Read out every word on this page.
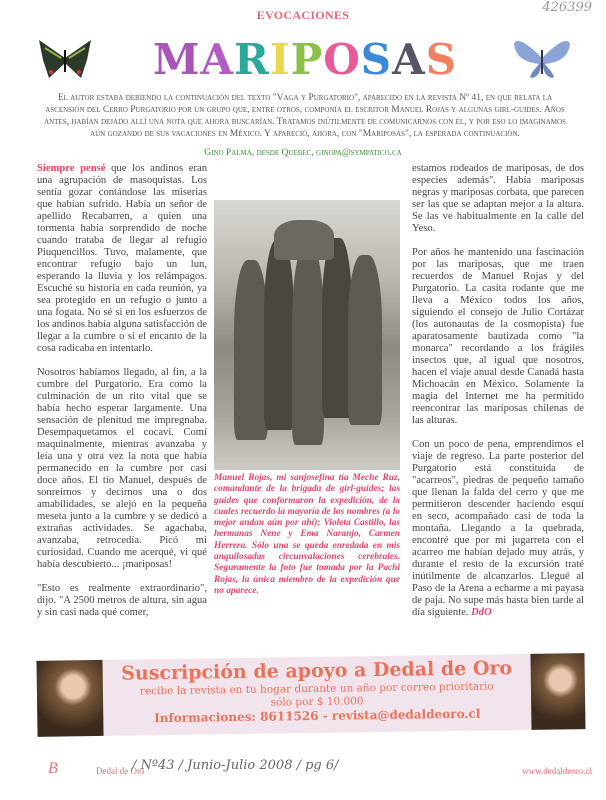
426399
EVOCACIONES
MARIPOSAS
El autor estaba debiendo la continuación del texto "Vaga y Purgatorio", aparecido en la revista Nº 41, en que relata la ascensión del Cerro Purgatorio por un grupo que, entre otros, componía el escritor Manuel Rojas y algunas girl-guides. Años antes, habían dejado allí una nota que ahora buscarían. Tratamos inútilmente de comunicarnos con él, y por eso lo imaginamos aún gozando de sus vacaciones en México. Y apareció, ahora, con "Mariposas", la esperada continuación.
Gino Palma, desde Quebec, ginopa@sympatico.ca

Siempre pensé que los andinos eran una agrupación de masoquistas. Los sentía gozar contándose las miserias que habían sufrido. Había un señor de apellido Recabarren, a quien una tormenta había sorprendido de noche cuando trataba de llegar al refugio Piuquencillos. Tuvo, malamente, que encontrar refugio bajo un lun, esperando la lluvia y los relámpagos. Escuché su historia en cada reunión, ya sea protegido en un refugio o junto a una fogata. No sé si en los esfuerzos de los andinos había alguna satisfacción de llegar a la cumbre o si el encanto de la cosa radicaba en intentarlo.

Nosotros habíamos llegado, al fin, a la cumbre del Purgatorio. Era como la culminación de un rito vital que se había hecho esperar largamente. Una sensación de plenitud me impregnaba. Desempaquetamos el cocaví. Comí maquinalmente, mientras avanzaba y leía una y otra vez la nota que había permanecido en la cumbre por casi doce años. El tío Manuel, después de sonreírnos y decirnos una o dos amabilidades, se alejó en la pequeña meseta junto a la cumbre y se dedicó a extrañas actividades. Se agachaba, avanzaba, retrocedía. Picó mi curiosidad. Cuando me acerqué, vi qué había descubierto... ¡mariposas!

"Esto es realmente extraordinario", dijo. "A 2500 metros de altura, sin agua y sin casi nada qué comer,

Manuel Rojas, mi sanjosefina tía Meche Ruz, comandante de la brigada de girl-guides; las guides que conformaron la expedición, de la cuales recuerdo la mayoría de los nombres (a lo mejor andan aún por ahí): Violeta Castillo, las hermanas Nene y Ema Naranjo, Carmen Herrera. Sólo una se queda enredada en mis anquilosadas circunvalaciones cerebrales. Seguramente la foto fue tomada por la Pachi Rojas, la única miembro de la expedición que no aparece.

estamos rodeados de mariposas, de dos especies además". Había mariposas negras y mariposas corbata, que parecen ser las que se adaptan mejor a la altura. Se las ve habitualmente en la calle del Yeso.

Por años he mantenido una fascinación por las mariposas, que me traen recuerdos de Manuel Rojas y del Purgatorio. La casita rodante que me lleva a México todos los años, siguiendo el consejo de Julio Cortázar (los autonautas de la cosmopista) fue aparatosamente bautizada como "la monarca" recordando a los frágiles insectos que, al igual que nosotros, hacen el viaje anual desde Canadá hasta Michoacán en México. Solamente la magia del Internet me ha permitido reencontrar las mariposas chilenas de las alturas.

Con un poco de pena, emprendimos el viaje de regreso. La parte posterior del Purgatorio está constituida de "acarreos", piedras de pequeño tamaño que llenan la falda del cerro y que me permitieron descender haciendo esquí en seco, acompañado casi de toda la montaña. Llegando a la quebrada, encontré que por mi jugarreta con el acarreo me habían dejado muy atrás, y durante el resto de la excursión traté inútilmente de alcanzarlos. Llegué al Paso de la Arena a echarme a mi payasa de paja. No supe más hasta bien tarde al día siguiente. DdO

Suscripción de apoyo a Dedal de Oro
recibe la revista en tu hogar durante un año por correo prioritario
sólo por $ 10.000
Informaciones: 8611526 - revista@dedaldeoro.cl
B	Dedal de Oro
/ Nº43 / Junio-Julio 2008 / pg 6/	www.dedaldeoro.cl
